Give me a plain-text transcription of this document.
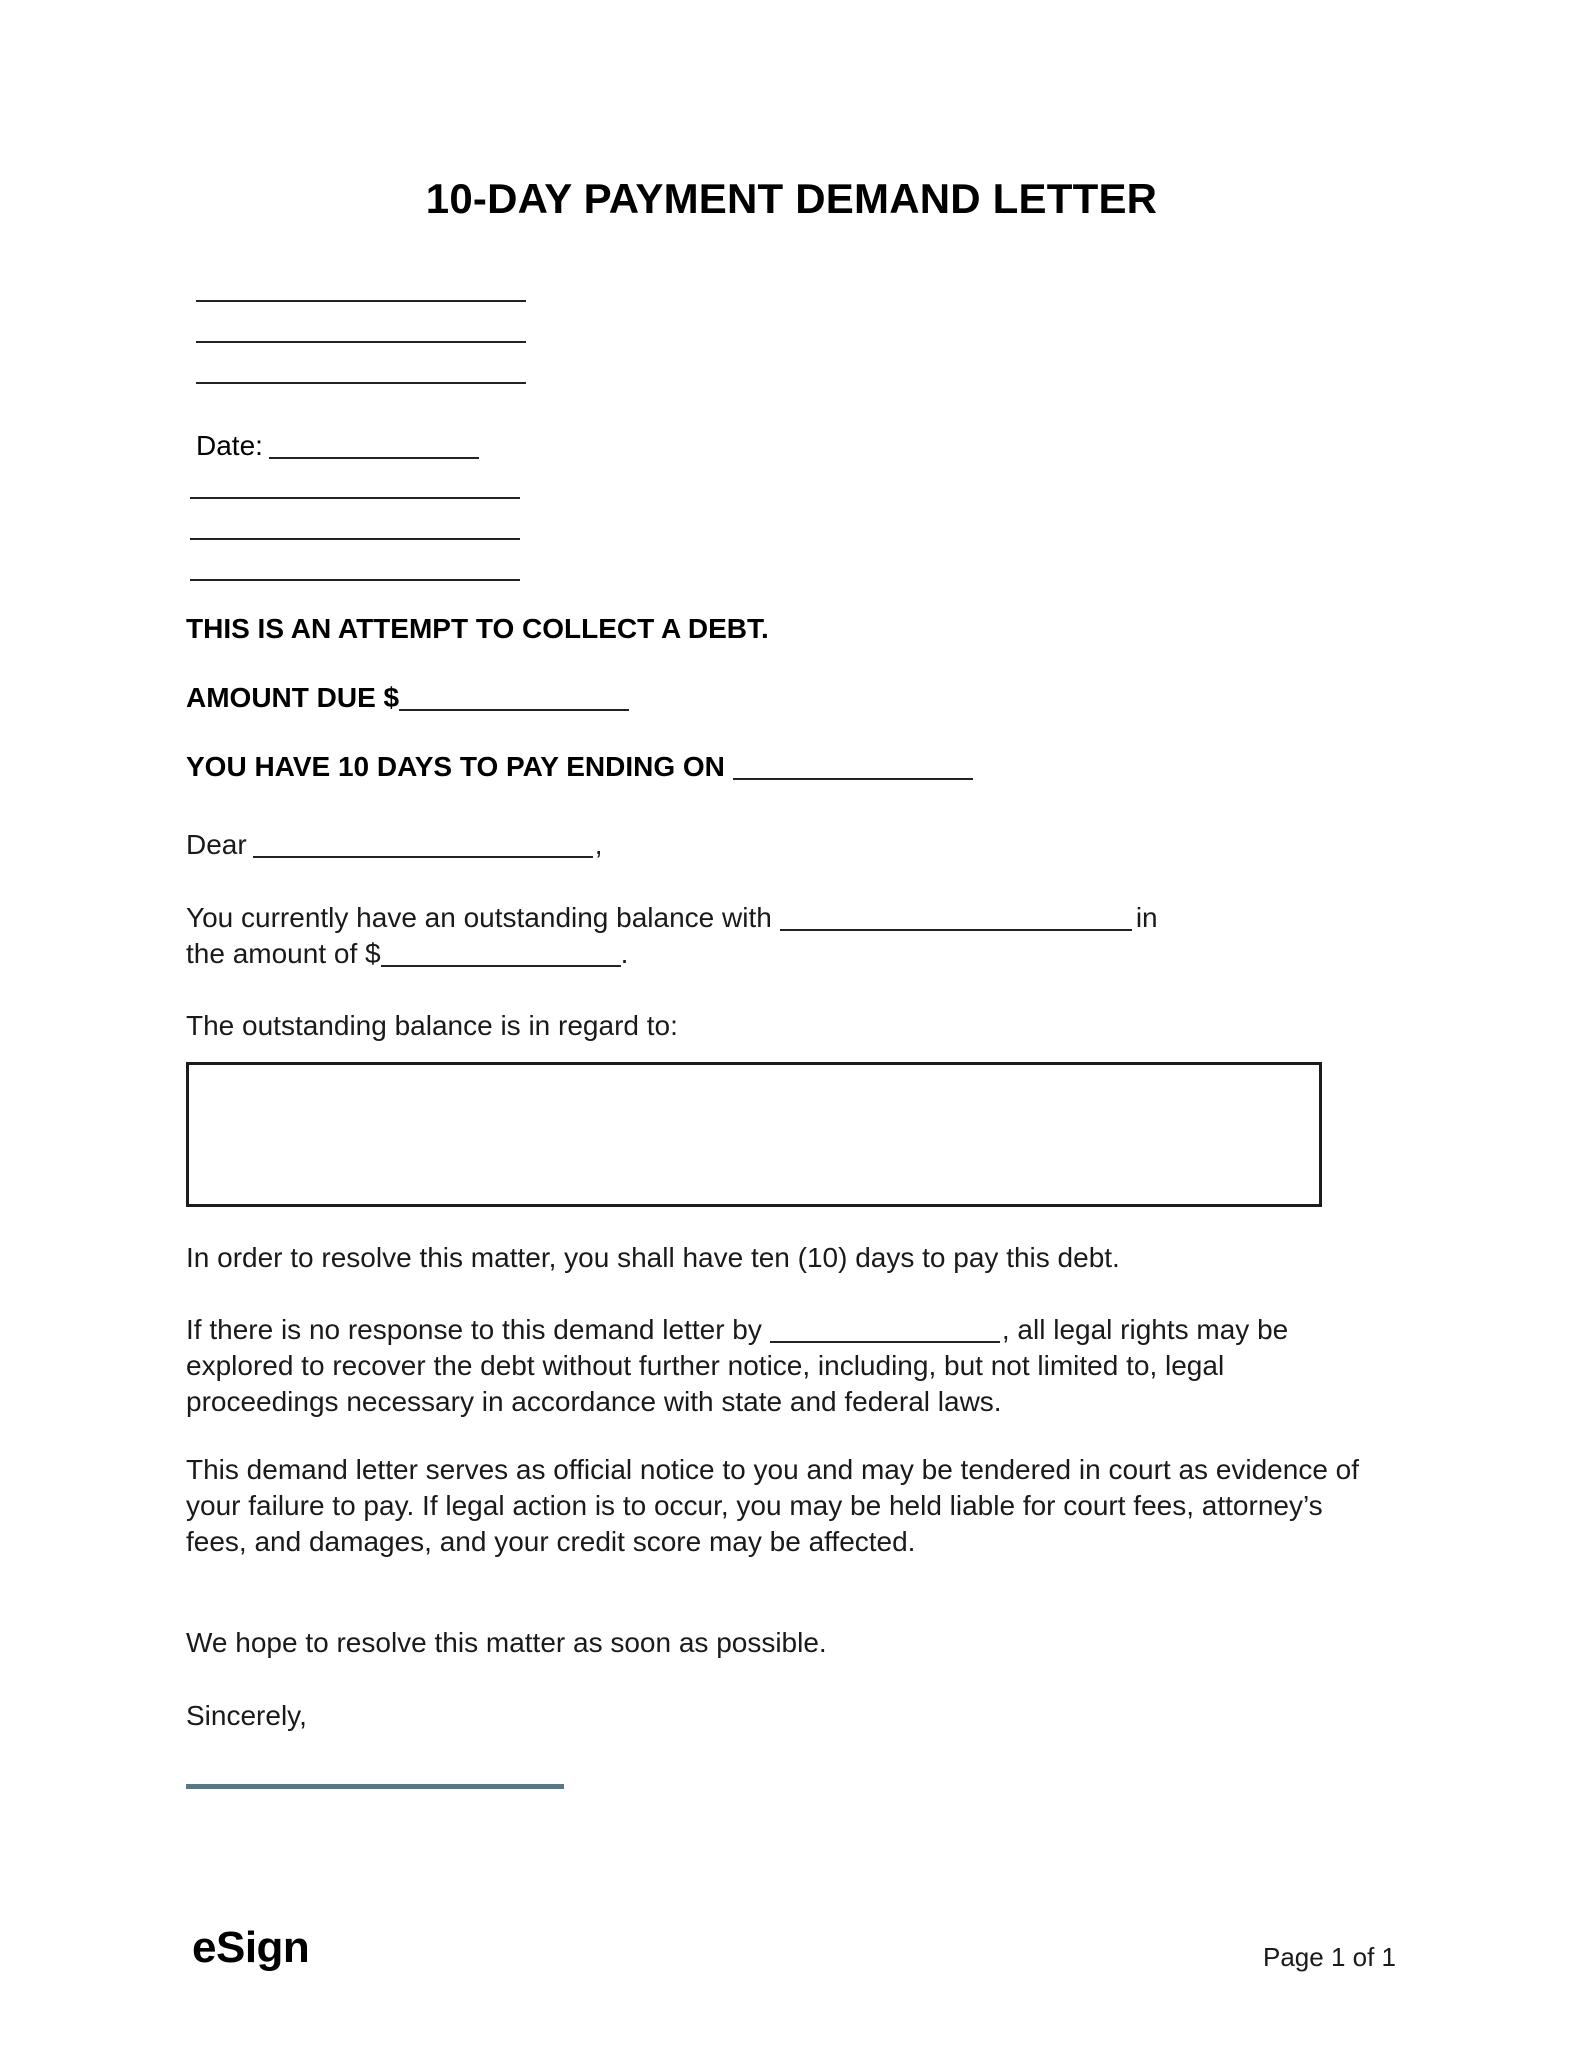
10-DAY PAYMENT DEMAND LETTER
Date:
THIS IS AN ATTEMPT TO COLLECT A DEBT.
AMOUNT DUE $
YOU HAVE 10 DAYS TO PAY ENDING ON
Dear	,
You currently have an outstanding balance with	in
the amount of $	.
The outstanding balance is in regard to:
In order to resolve this matter, you shall have ten (10) days to pay this debt.
If there is no response to this demand letter by	, all legal rights may be explored to recover the debt without further notice, including, but not limited to, legal proceedings necessary in accordance with state and federal laws.
This demand letter serves as official notice to you and may be tendered in court as evidence of your failure to pay. If legal action is to occur, you may be held liable for court fees, attorney’s fees, and damages, and your credit score may be affected.
We hope to resolve this matter as soon as possible.
Sincerely,
eSign	Page 1 of 1
